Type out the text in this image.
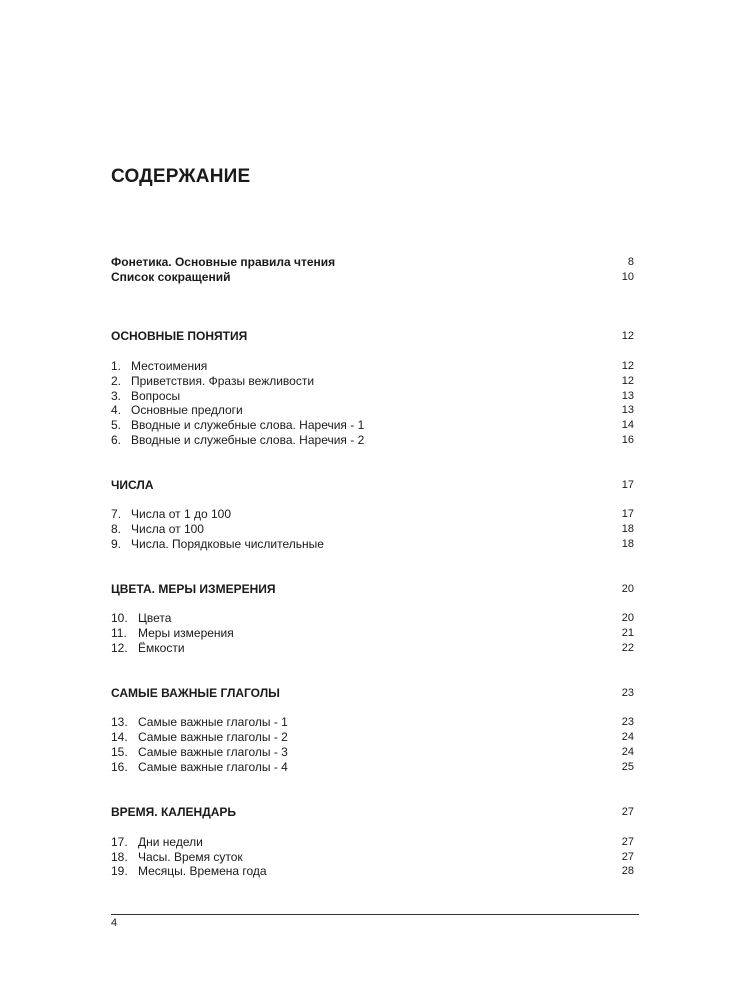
СОДЕРЖАНИЕ
Фонетика. Основные правила чтения	8
Список сокращений	10
ОСНОВНЫЕ ПОНЯТИЯ	12
1. Местоимения	12
2. Приветствия. Фразы вежливости	12
3. Вопросы	13
4. Основные предлоги	13
5. Вводные и служебные слова. Наречия - 1	14
6. Вводные и служебные слова. Наречия - 2	16
ЧИСЛА	17
7. Числа от 1 до 100	17
8. Числа от 100	18
9. Числа. Порядковые числительные	18
ЦВЕТА. МЕРЫ ИЗМЕРЕНИЯ	20
10. Цвета	20
11. Меры измерения	21
12. Ёмкости	22
САМЫЕ ВАЖНЫЕ ГЛАГОЛЫ	23
13. Самые важные глаголы - 1	23
14. Самые важные глаголы - 2	24
15. Самые важные глаголы - 3	24
16. Самые важные глаголы - 4	25
ВРЕМЯ. КАЛЕНДАРЬ	27
17. Дни недели	27
18. Часы. Время суток	27
19. Месяцы. Времена года	28
4
